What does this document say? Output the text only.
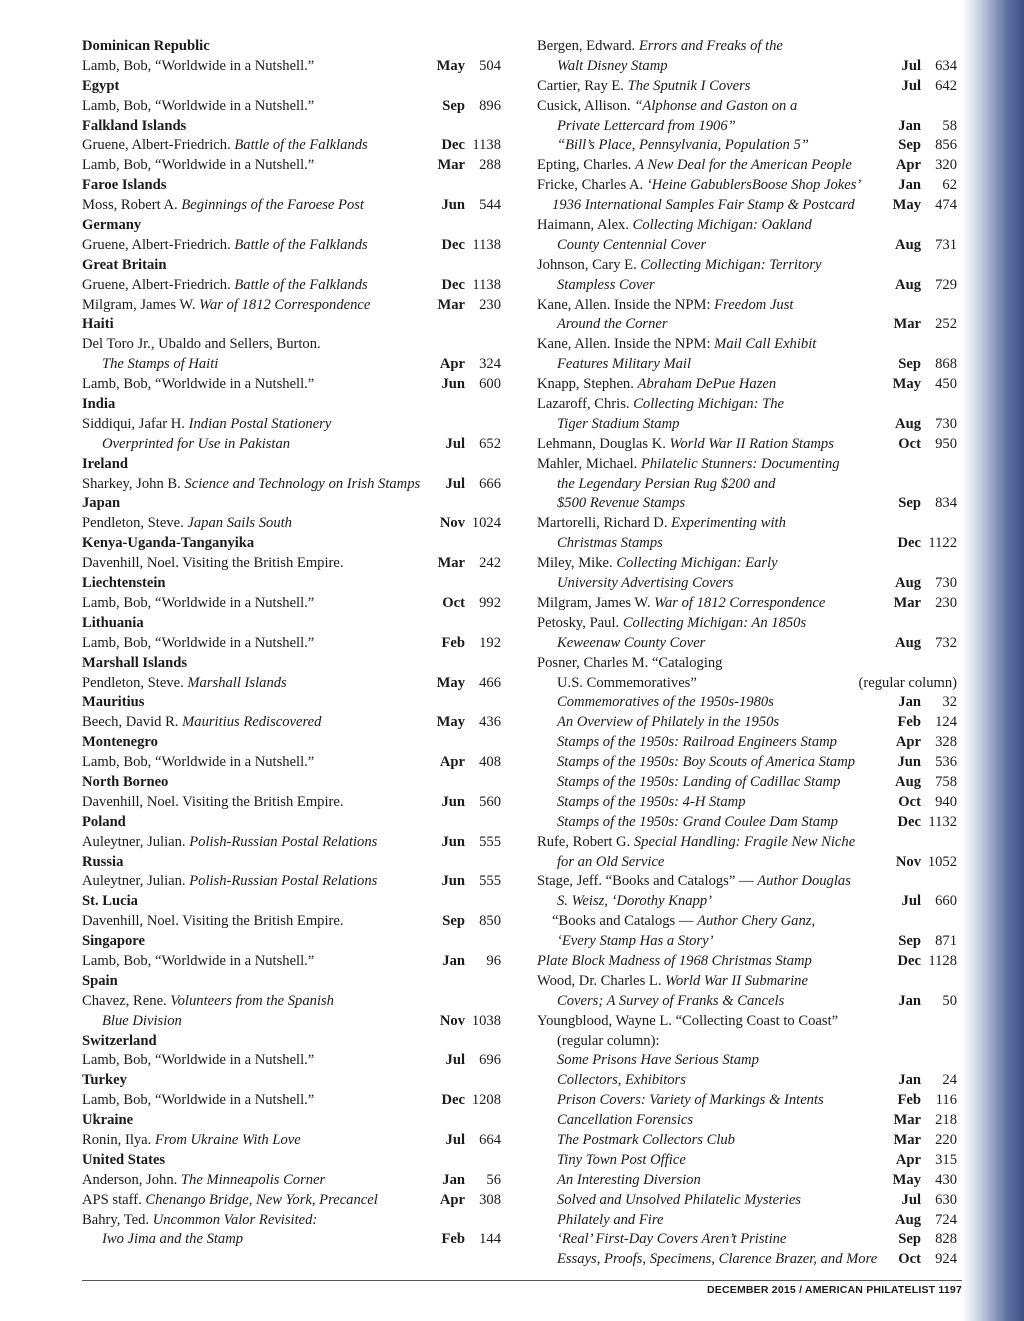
Dominican Republic
Lamb, Bob, “Worldwide in a Nutshell.”	May 504
Egypt
Lamb, Bob, “Worldwide in a Nutshell.”	Sep 896
Falkland Islands
Gruene, Albert-Friedrich. Battle of the Falklands	Dec 1138
Lamb, Bob, “Worldwide in a Nutshell.”	Mar 288
Faroe Islands
Moss, Robert A. Beginnings of the Faroese Post	Jun 544
Germany
Gruene, Albert-Friedrich. Battle of the Falklands	Dec 1138
Great Britain
Gruene, Albert-Friedrich. Battle of the Falklands	Dec 1138
Milgram, James W. War of 1812 Correspondence	Mar 230
Haiti
Del Toro Jr., Ubaldo and Sellers, Burton.
The Stamps of Haiti	Apr 324
Lamb, Bob, “Worldwide in a Nutshell.”	Jun 600
India
Siddiqui, Jafar H. Indian Postal Stationery
Overprinted for Use in Pakistan	Jul 652
Ireland
Sharkey, John B. Science and Technology on Irish Stamps Jul 666
Japan
Pendleton, Steve. Japan Sails South	Nov 1024
Kenya-Uganda-Tanganyika
Davenhill, Noel. Visiting the British Empire.	Mar 242
Liechtenstein
Lamb, Bob, “Worldwide in a Nutshell.”	Oct 992
Lithuania
Lamb, Bob, “Worldwide in a Nutshell.”	Feb 192
Marshall Islands
Pendleton, Steve. Marshall Islands	May 466
Mauritius
Beech, David R. Mauritius Rediscovered	May 436
Montenegro
Lamb, Bob, “Worldwide in a Nutshell.”	Apr 408
North Borneo
Davenhill, Noel. Visiting the British Empire.	Jun 560
Poland
Auleytner, Julian. Polish-Russian Postal Relations	Jun 555
Russia
Auleytner, Julian. Polish-Russian Postal Relations	Jun 555
St. Lucia
Davenhill, Noel. Visiting the British Empire.	Sep 850
Singapore
Lamb, Bob, “Worldwide in a Nutshell.”	Jan 96
Spain
Chavez, Rene. Volunteers from the Spanish
Blue Division	Nov 1038
Switzerland
Lamb, Bob, “Worldwide in a Nutshell.”	Jul 696
Turkey
Lamb, Bob, “Worldwide in a Nutshell.”	Dec 1208
Ukraine
Ronin, Ilya. From Ukraine With Love	Jul 664
United States
Anderson, John. The Minneapolis Corner	Jan 56
APS staff. Chenango Bridge, New York, Precancel	Apr 308
Bahry, Ted. Uncommon Valor Revisited:
Iwo Jima and the Stamp	Feb 144
Bergen, Edward. Errors and Freaks of the
Walt Disney Stamp	Jul 634
Cartier, Ray E. The Sputnik I Covers	Jul 642
Cusick, Allison. “Alphonse and Gaston on a
Private Lettercard from 1906”	Jan 58
“Bill’s Place, Pennsylvania, Population 5”	Sep 856
Epting, Charles. A New Deal for the American People	Apr 320
Fricke, Charles A. ‘Heine GabublersBoose Shop Jokes’	Jan 62
1936 International Samples Fair Stamp & Postcard	May 474
Haimann, Alex. Collecting Michigan: Oakland
County Centennial Cover	Aug 731
Johnson, Cary E. Collecting Michigan: Territory
Stampless Cover	Aug 729
Kane, Allen. Inside the NPM: Freedom Just
Around the Corner	Mar 252
Kane, Allen. Inside the NPM: Mail Call Exhibit
Features Military Mail	Sep 868
Knapp, Stephen. Abraham DePue Hazen	May 450
Lazaroff, Chris. Collecting Michigan: The
Tiger Stadium Stamp	Aug 730
Lehmann, Douglas K. World War II Ration Stamps	Oct 950
Mahler, Michael. Philatelic Stunners: Documenting
the Legendary Persian Rug $200 and
$500 Revenue Stamps	Sep 834
Martorelli, Richard D. Experimenting with
Christmas Stamps	Dec 1122
Miley, Mike. Collecting Michigan: Early
University Advertising Covers	Aug 730
Milgram, James W. War of 1812 Correspondence	Mar 230
Petosky, Paul. Collecting Michigan: An 1850s
Keweenaw County Cover	Aug 732
Posner, Charles M. “Cataloging
U.S. Commemoratives”	(regular column)
Commemoratives of the 1950s-1980s	Jan 32
An Overview of Philately in the 1950s	Feb 124
Stamps of the 1950s: Railroad Engineers Stamp	Apr 328
Stamps of the 1950s: Boy Scouts of America Stamp	Jun 536
Stamps of the 1950s: Landing of Cadillac Stamp	Aug 758
Stamps of the 1950s: 4-H Stamp	Oct 940
Stamps of the 1950s: Grand Coulee Dam Stamp	Dec 1132
Rufe, Robert G. Special Handling: Fragile New Niche
for an Old Service	Nov 1052
Stage, Jeff. “Books and Catalogs” — Author Douglas
S. Weisz, ‘Dorothy Knapp’	Jul 660
“Books and Catalogs — Author Chery Ganz,
‘Every Stamp Has a Story’	Sep 871
Plate Block Madness of 1968 Christmas Stamp	Dec 1128
Wood, Dr. Charles L. World War II Submarine
Covers; A Survey of Franks & Cancels	Jan 50
Youngblood, Wayne L. “Collecting Coast to Coast”
(regular column):
Some Prisons Have Serious Stamp
Collectors, Exhibitors	Jan 24
Prison Covers: Variety of Markings & Intents	Feb 116
Cancellation Forensics	Mar 218
The Postmark Collectors Club	Mar 220
Tiny Town Post Office	Apr 315
An Interesting Diversion	May 430
Solved and Unsolved Philatelic Mysteries	Jul 630
Philately and Fire	Aug 724
‘Real’ First-Day Covers Aren’t Pristine	Sep 828
Essays, Proofs, Specimens, Clarence Brazer, and More Oct 924
DECEMBER 2015 / AMERICAN PHILATELIST 1197
